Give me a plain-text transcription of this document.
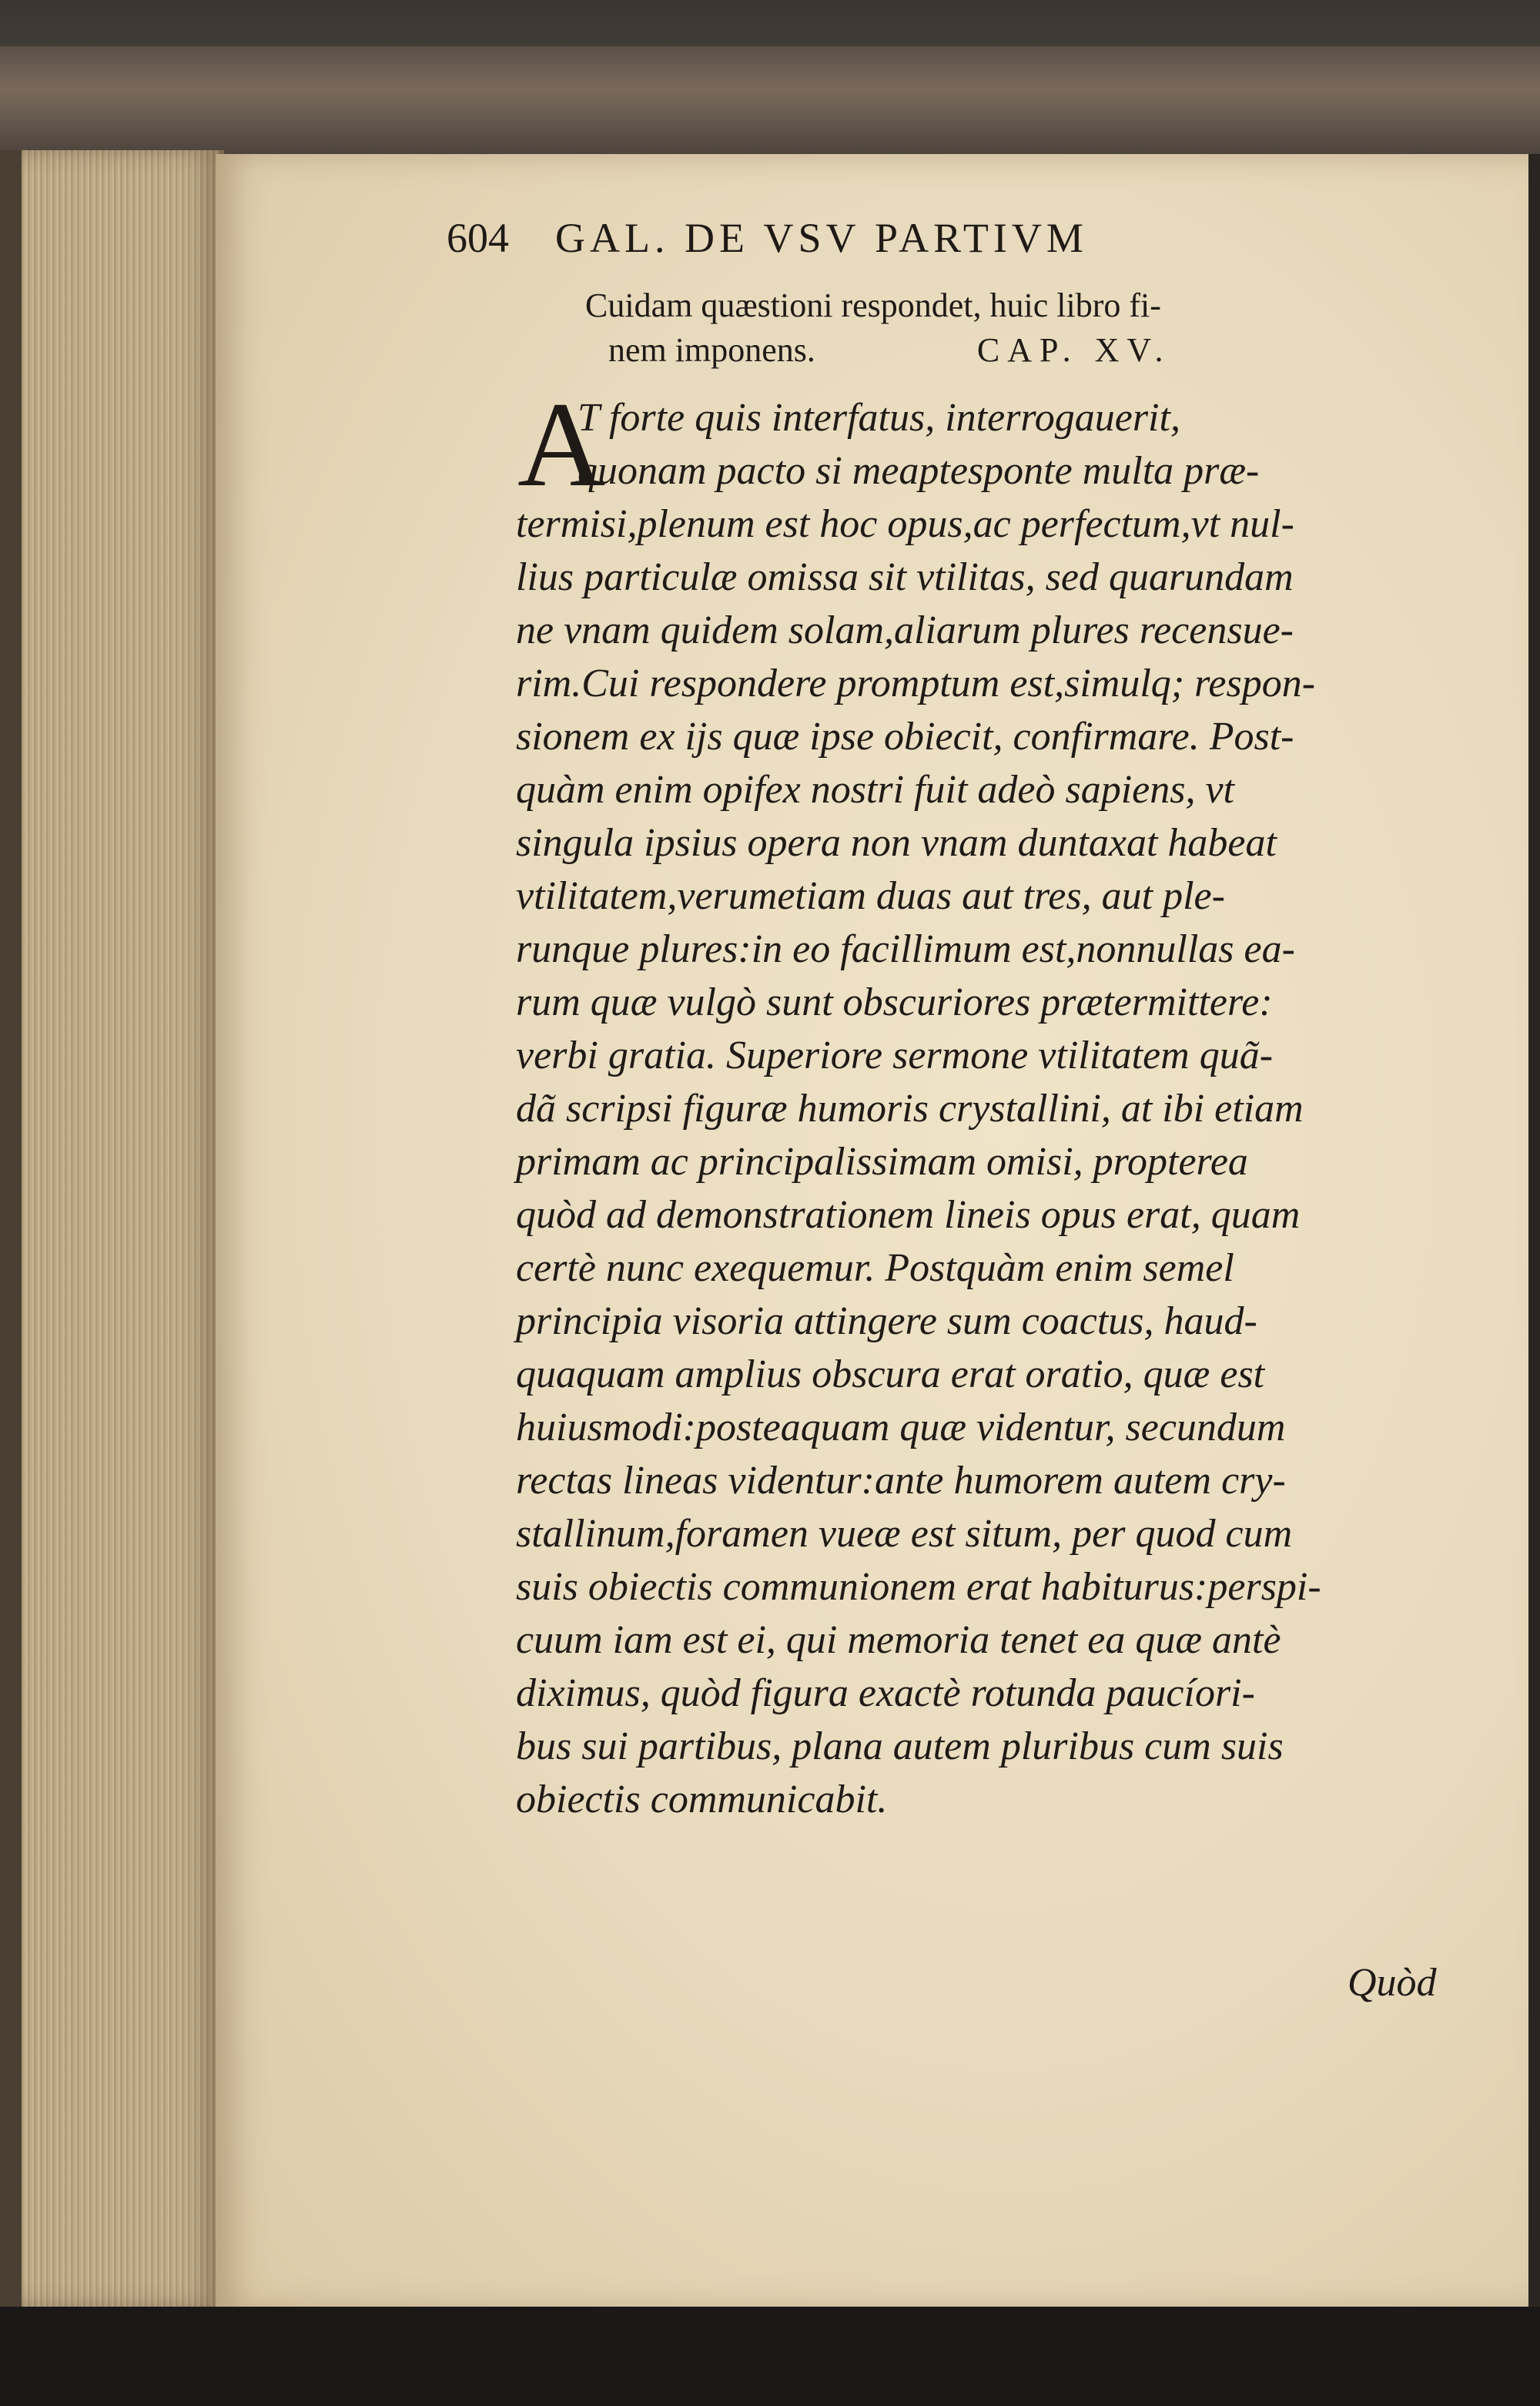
604 GAL. DE VSV PARTIVM
Cuidam quæstioni respondet, huic libro fi-
nem imponens.	CAP. XV.
A
T forte quis interfatus, interrogauerit,
quonam pacto si meaptesponte multa præ-
termisi,plenum est hoc opus,ac perfectum,vt nul-
lius particulæ omissa sit vtilitas, sed quarundam
ne vnam quidem solam,aliarum plures recensue-
rim.Cui respondere promptum est,simulq; respon-
sionem ex ijs quæ ipse obiecit, confirmare. Post-
quàm enim opifex nostri fuit adeò sapiens, vt
singula ipsius opera non vnam duntaxat habeat
vtilitatem,verumetiam duas aut tres, aut ple-
runque plures:in eo facillimum est,nonnullas ea-
rum quæ vulgò sunt obscuriores prætermittere:
verbi gratia. Superiore sermone vtilitatem quã-
dã scripsi figuræ humoris crystallini, at ibi etiam
primam ac principalissimam omisi, propterea
quòd ad demonstrationem lineis opus erat, quam
certè nunc exequemur. Postquàm enim semel
principia visoria attingere sum coactus, haud-
quaquam amplius obscura erat oratio, quæ est
huiusmodi:posteaquam quæ videntur, secundum
rectas lineas videntur:ante humorem autem cry-
stallinum,foramen vueæ est situm, per quod cum
suis obiectis communionem erat habiturus:perspi-
cuum iam est ei, qui memoria tenet ea quæ antè
diximus, quòd figura exactè rotunda paucíori-
bus sui partibus, plana autem pluribus cum suis
obiectis communicabit.
Quòd
